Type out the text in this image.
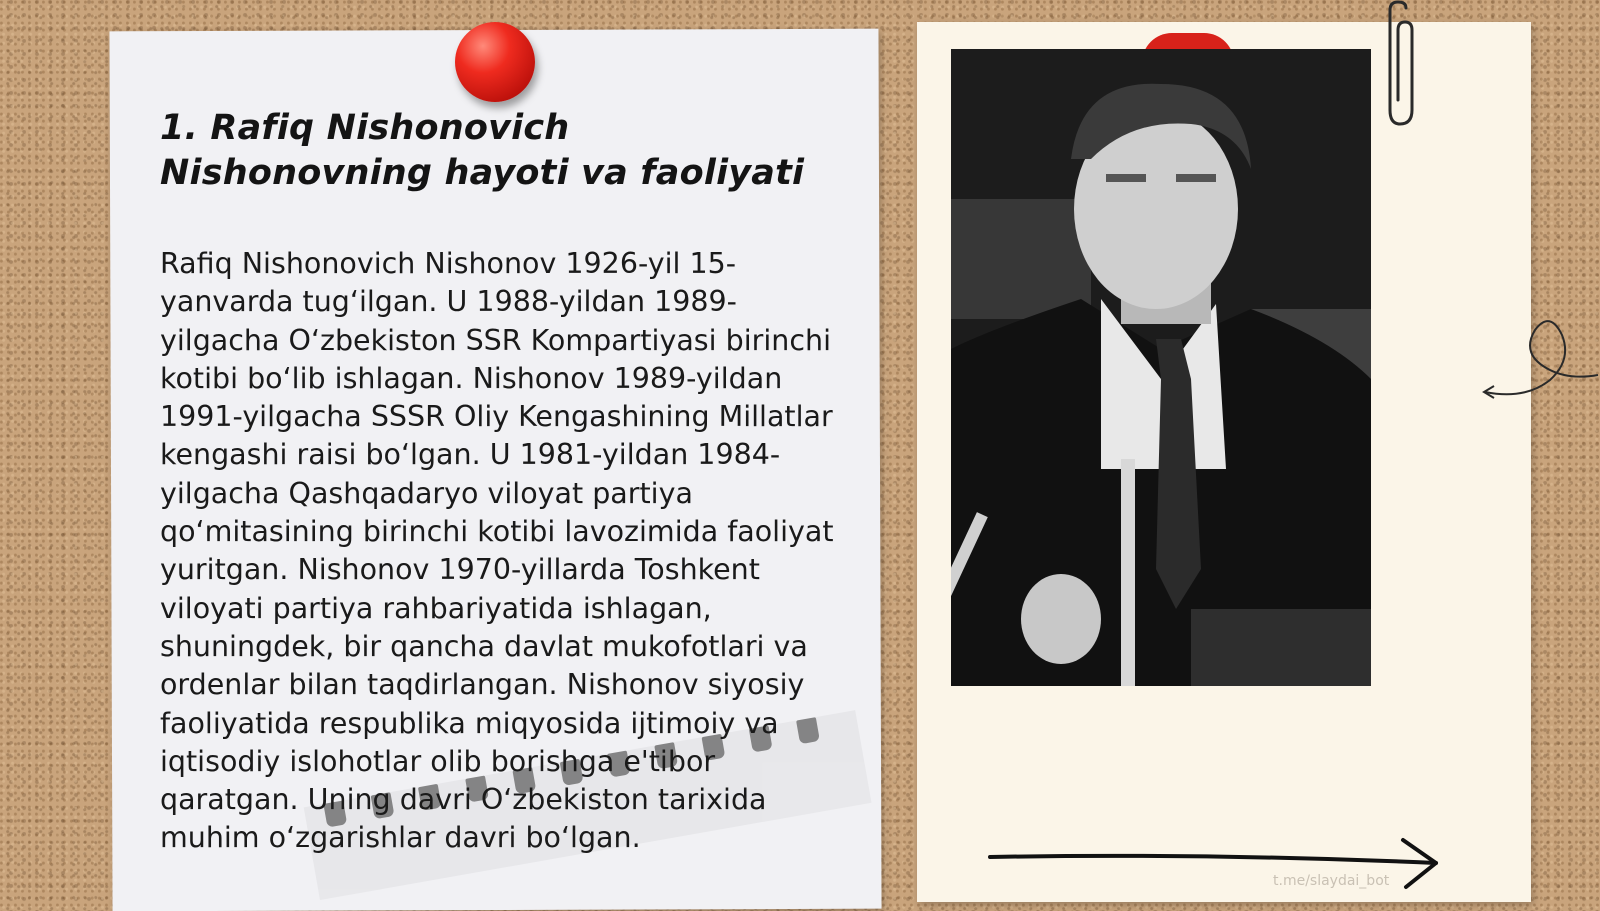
1. Rafiq Nishonovich Nishonovning hayoti va faoliyati

Rafiq Nishonovich Nishonov 1926-yil 15-yanvarda tug‘ilgan. U 1988-yildan 1989-yilgacha O‘zbekiston SSR Kompartiyasi birinchi kotibi bo‘lib ishlagan. Nishonov 1989-yildan 1991-yilgacha SSSR Oliy Kengashining Millatlar kengashi raisi bo‘lgan. U 1981-yildan 1984-yilgacha Qashqadaryo viloyat partiya qo‘mitasining birinchi kotibi lavozimida faoliyat yuritgan. Nishonov 1970-yillarda Toshkent viloyati partiya rahbariyatida ishlagan, shuningdek, bir qancha davlat mukofotlari va ordenlar bilan taqdirlangan. Nishonov siyosiy faoliyatida respublika miqyosida ijtimoiy va iqtisodiy islohotlar olib borishga e'tibor qaratgan. Uning davri O‘zbekiston tarixida muhim o‘zgarishlar davri bo‘lgan.

t.me/slaydai_bot
